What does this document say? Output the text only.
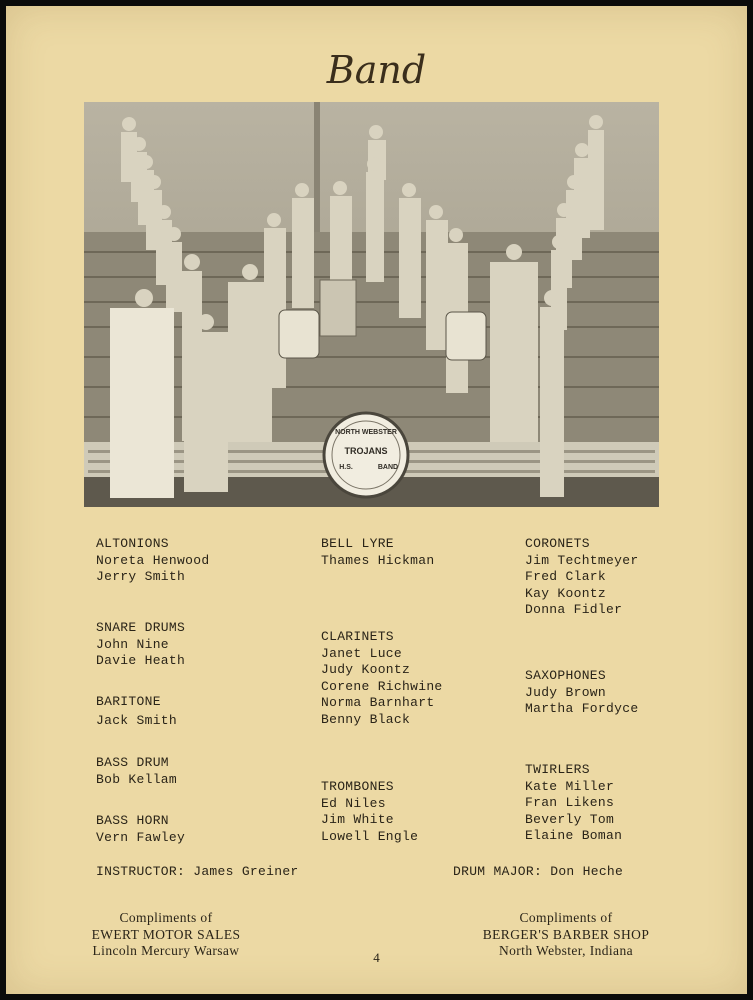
Band
NORTH WEBSTER
TROJANS
H.S.	BAND
ALTONIONS
Noreta Henwood
Jerry Smith
SNARE DRUMS
John Nine
Davie Heath
BARITONE
Jack Smith
BASS DRUM
Bob Kellam
BASS HORN
Vern Fawley
BELL LYRE
Thames Hickman
CLARINETS
Janet Luce
Judy Koontz
Corene Richwine
Norma Barnhart
Benny Black
TROMBONES
Ed Niles
Jim White
Lowell Engle
CORONETS
Jim Techtmeyer
Fred Clark
Kay Koontz
Donna Fidler
SAXOPHONES
Judy Brown
Martha Fordyce
TWIRLERS
Kate Miller
Fran Likens
Beverly Tom
Elaine Boman
INSTRUCTOR: James Greiner	DRUM MAJOR: Don Heche
Compliments of
EWERT MOTOR SALES
Lincoln Mercury Warsaw	4
Compliments of
BERGER'S BARBER SHOP
North Webster, Indiana
